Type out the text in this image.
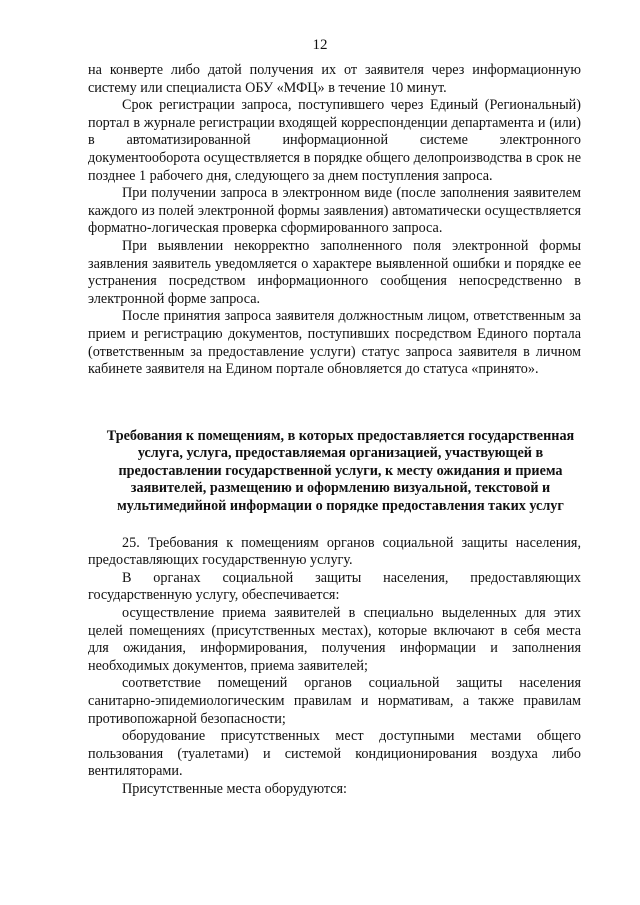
12

на конверте либо датой получения их от заявителя через информационную систему или специалиста ОБУ «МФЦ» в течение 10 минут.

Срок регистрации запроса, поступившего через Единый (Региональный) портал в журнале регистрации входящей корреспонденции департамента и (или) в автоматизированной информационной системе электронного документооборота осуществляется в порядке общего делопроизводства в срок не позднее 1 рабочего дня, следующего за днем поступления запроса.

При получении запроса в электронном виде (после заполнения заявителем каждого из полей электронной формы заявления) автоматически осуществляется форматно-логическая проверка сформированного запроса.

При выявлении некорректно заполненного поля электронной формы заявления заявитель уведомляется о характере выявленной ошибки и порядке ее устранения посредством информационного сообщения непосредственно в электронной форме запроса.

После принятия запроса заявителя должностным лицом, ответственным за прием и регистрацию документов, поступивших посредством Единого портала (ответственным за предоставление услуги) статус запроса заявителя в личном кабинете заявителя на Едином портале обновляется до статуса «принято».

Требования к помещениям, в которых предоставляется государственная услуга, услуга, предоставляемая организацией, участвующей в предоставлении государственной услуги, к месту ожидания и приема заявителей, размещению и оформлению визуальной, текстовой и мультимедийной информации о порядке предоставления таких услуг

25. Требования к помещениям органов социальной защиты населения, предоставляющих государственную услугу.

В органах социальной защиты населения, предоставляющих государственную услугу, обеспечивается:

осуществление приема заявителей в специально выделенных для этих целей помещениях (присутственных местах), которые включают в себя места для ожидания, информирования, получения информации и заполнения необходимых документов, приема заявителей;

соответствие помещений органов социальной защиты населения санитарно-эпидемиологическим правилам и нормативам, а также правилам противопожарной безопасности;

оборудование присутственных мест доступными местами общего пользования (туалетами) и системой кондиционирования воздуха либо вентиляторами.

Присутственные места оборудуются:
